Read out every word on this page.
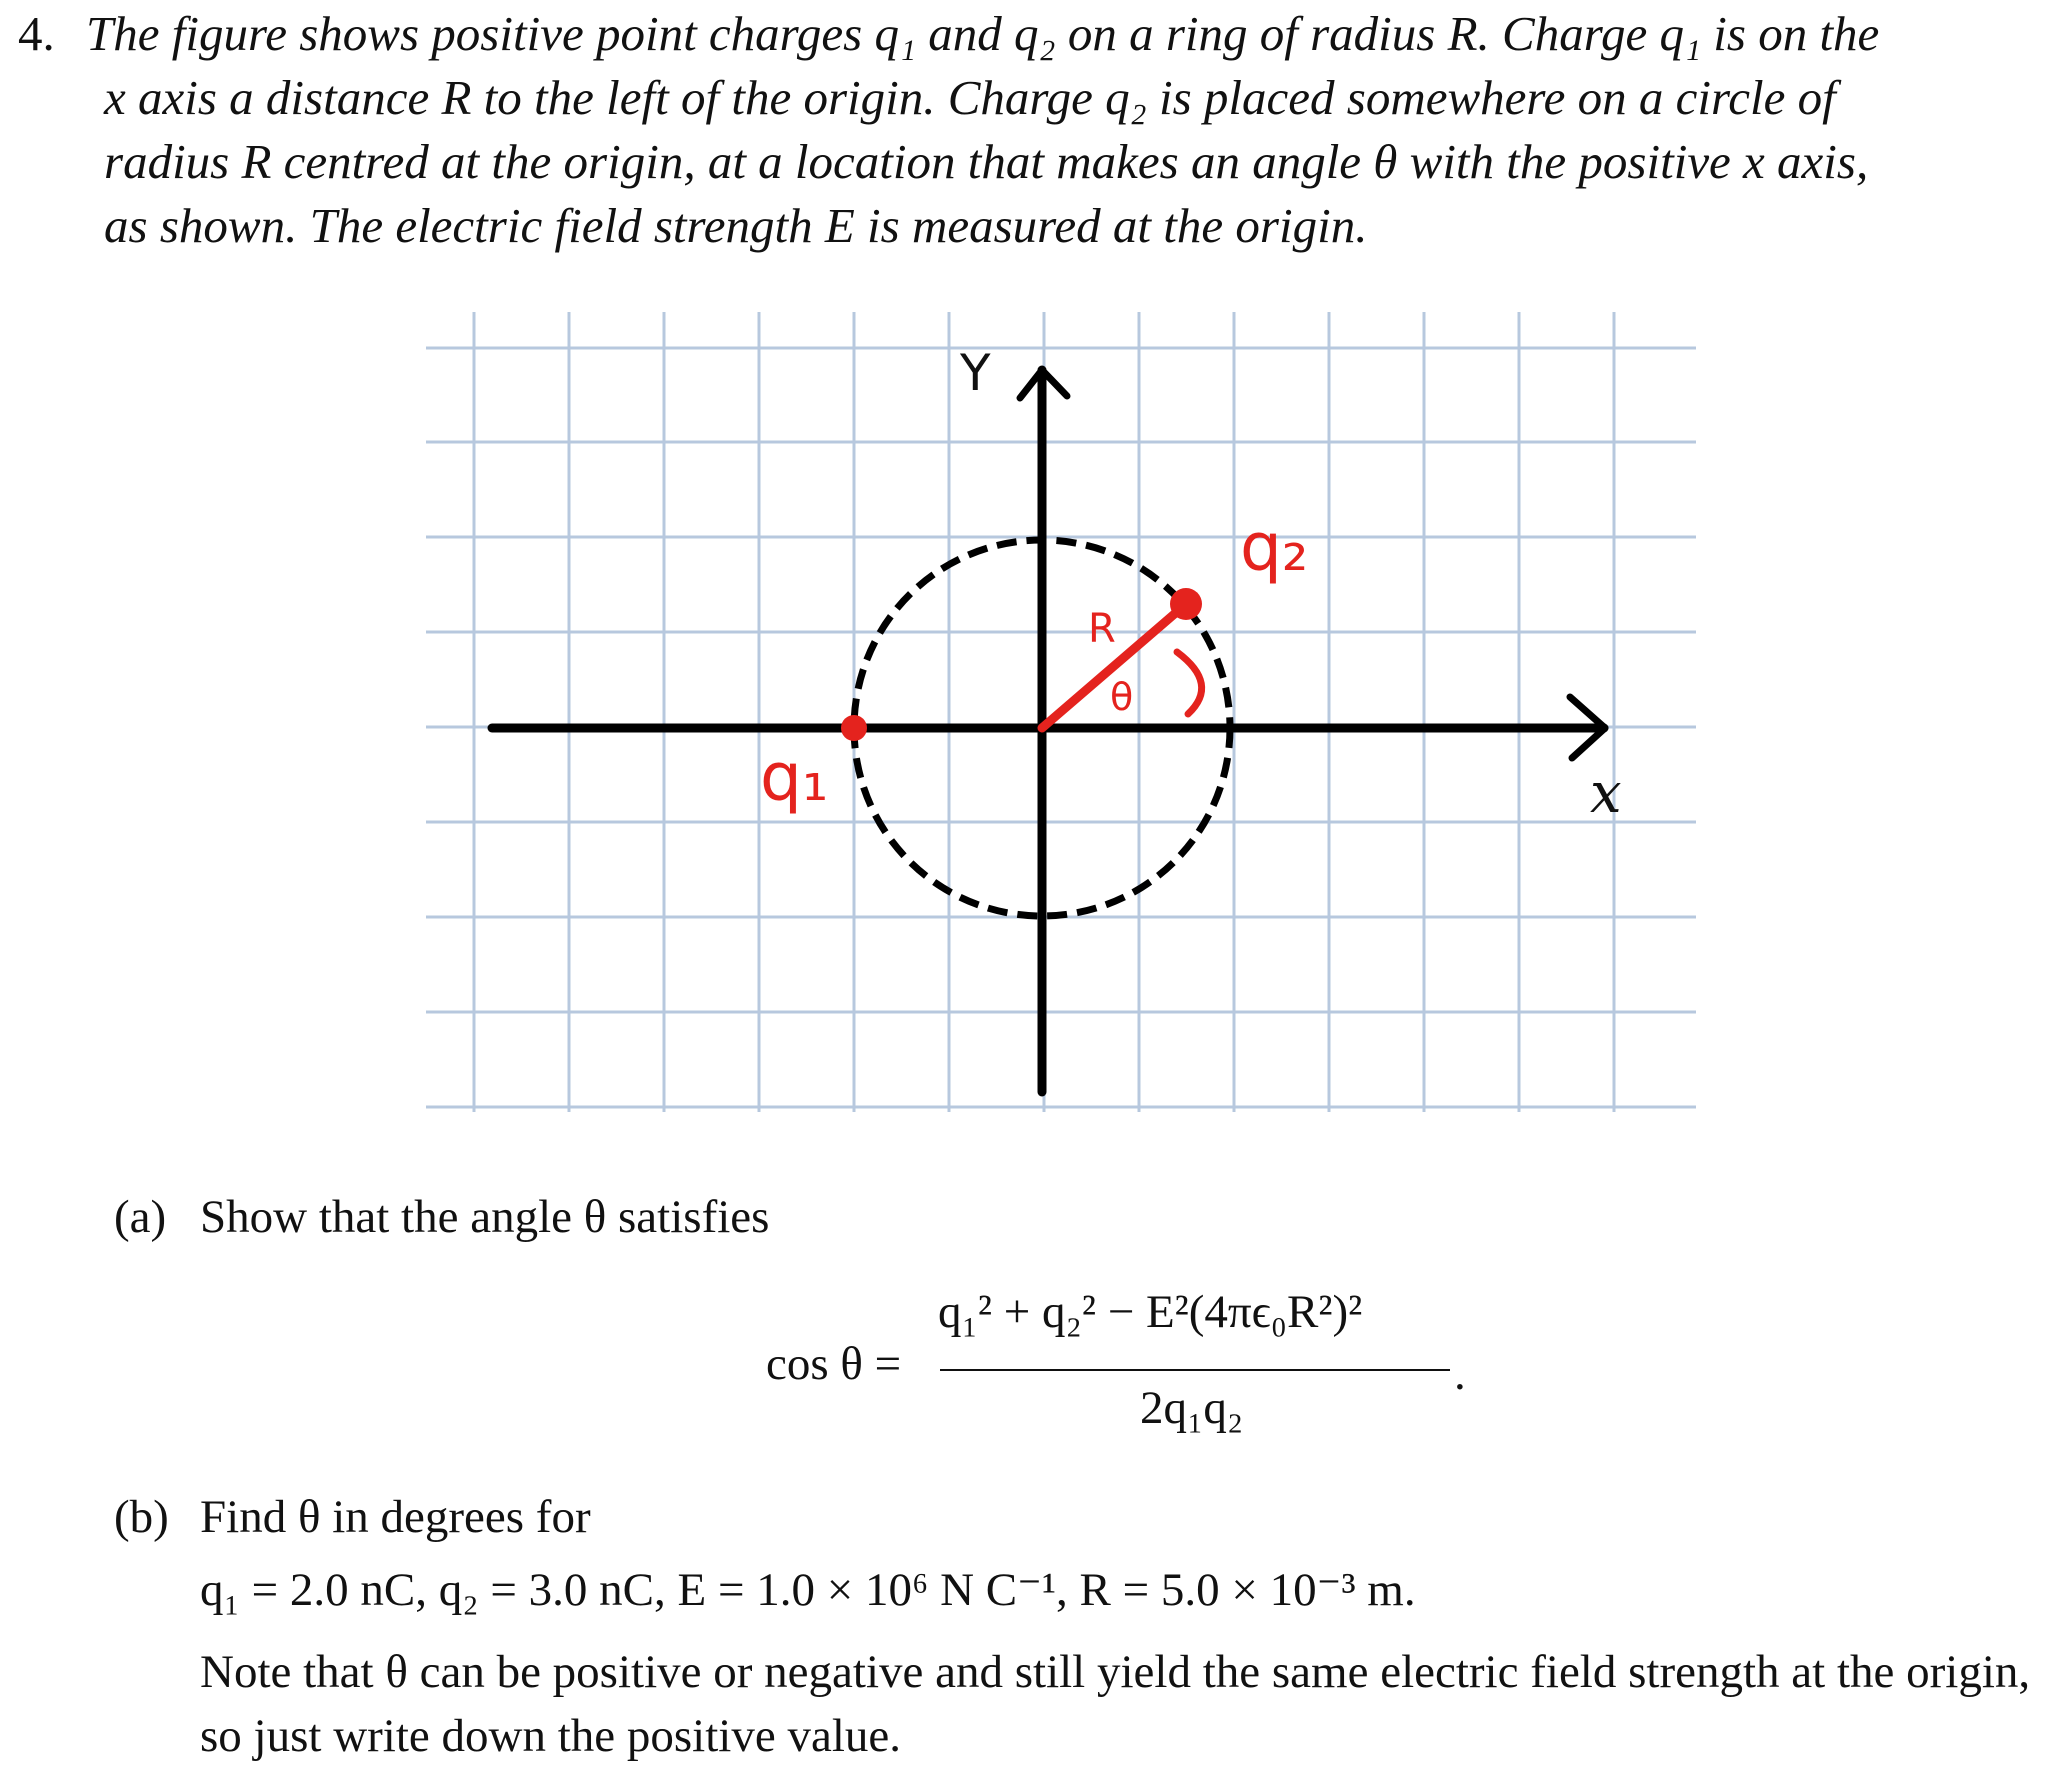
4. The figure shows positive point charges q₁ and q₂ on a ring of radius R. Charge q₁ is on the
x axis a distance R to the left of the origin. Charge q₂ is placed somewhere on a circle of
radius R centred at the origin, at a location that makes an angle θ with the positive x axis,
as shown. The electric field strength E is measured at the origin.
Y
x
R
θ
q₁
q₂
(a) Show that the angle θ satisfies
cos θ =
q₁² + q₂² − E²(4πϵ₀R²)²
2q₁q₂
.
(b) Find θ in degrees for
q₁ = 2.0 nC, q₂ = 3.0 nC, E = 1.0 × 10⁶ N C⁻¹, R = 5.0 × 10⁻³ m.
Note that θ can be positive or negative and still yield the same electric field strength at the origin, so just write down the positive value.
